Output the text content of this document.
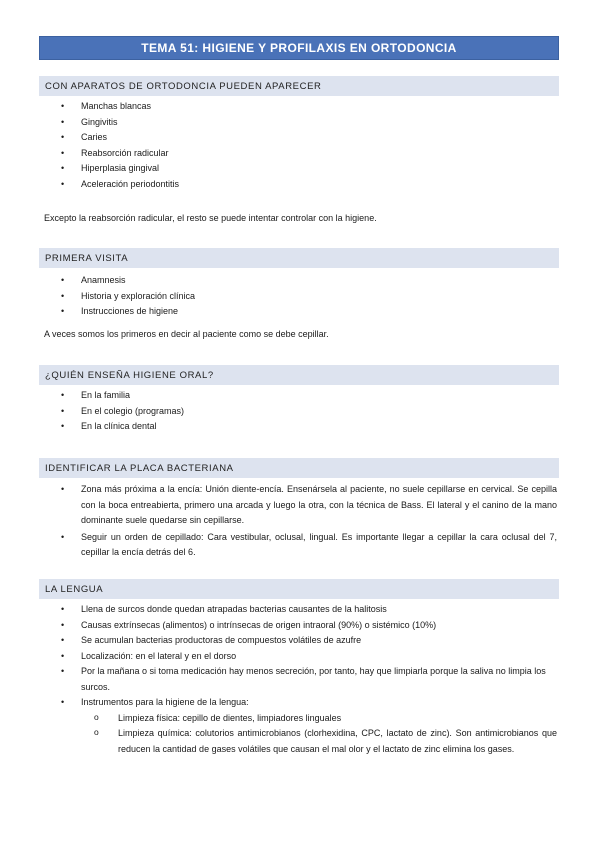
TEMA 51: HIGIENE Y PROFILAXIS EN ORTODONCIA
CON APARATOS DE ORTODONCIA PUEDEN APARECER
• Manchas blancas
• Gingivitis
• Caries
• Reabsorción radicular
• Hiperplasia gingival
• Aceleración periodontitis
Excepto la reabsorción radicular, el resto se puede intentar controlar con la higiene.
PRIMERA VISITA
• Anamnesis
• Historia y exploración clínica
• Instrucciones de higiene
A veces somos los primeros en decir al paciente como se debe cepillar.
¿QUIÉN ENSEÑA HIGIENE ORAL?
• En la familia
• En el colegio (programas)
• En la clínica dental
IDENTIFICAR LA PLACA BACTERIANA
• Zona más próxima a la encía: Unión diente-encía. Ensenársela al paciente, no suele cepillarse en cervical. Se cepilla con la boca entreabierta, primero una arcada y luego la otra, con la técnica de Bass. El lateral y el canino de la mano dominante suele quedarse sin cepillarse.
• Seguir un orden de cepillado: Cara vestibular, oclusal, lingual. Es importante llegar a cepillar la cara oclusal del 7, cepillar la encía detrás del 6.
LA LENGUA
• Llena de surcos donde quedan atrapadas bacterias causantes de la halitosis
• Causas extrínsecas (alimentos) o intrínsecas de origen intraoral (90%) o sistémico (10%)
• Se acumulan bacterias productoras de compuestos volátiles de azufre
• Localización: en el lateral y en el dorso
• Por la mañana o si toma medicación hay menos secreción, por tanto, hay que limpiarla porque la saliva no limpia los surcos.
• Instrumentos para la higiene de la lengua:
o Limpieza física: cepillo de dientes, limpiadores linguales
o Limpieza química: colutorios antimicrobianos (clorhexidina, CPC, lactato de zinc). Son antimicrobianos que reducen la cantidad de gases volátiles que causan el mal olor y el lactato de zinc elimina los gases.
